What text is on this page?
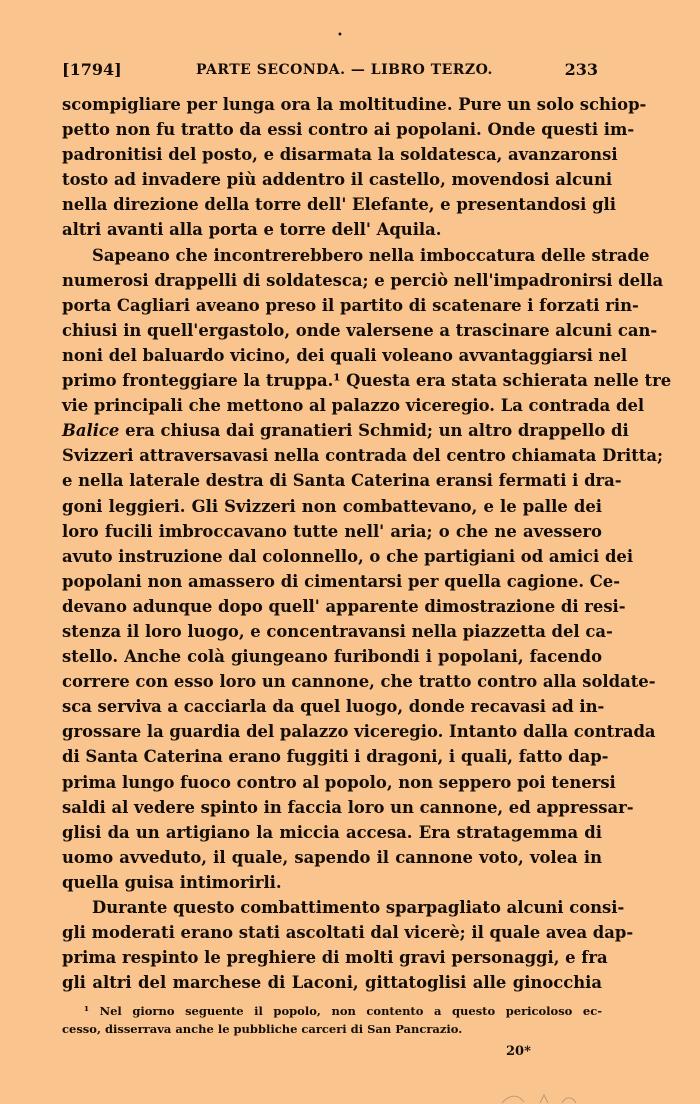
•
[1794]	PARTE SECONDA. — LIBRO TERZO.	233
scompigliare per lunga ora la moltitudine. Pure un solo schiop-
petto non fu tratto da essi contro ai popolani. Onde questi im-
padronitisi del posto, e disarmata la soldatesca, avanzaronsi
tosto ad invadere più addentro il castello, movendosi alcuni
nella direzione della torre dell' Elefante, e presentandosi gli
altri avanti alla porta e torre dell' Aquila.
Sapeano che incontrerebbero nella imboccatura delle strade
numerosi drappelli di soldatesca; e perciò nell'impadronirsi della
porta Cagliari aveano preso il partito di scatenare i forzati rin-
chiusi in quell'ergastolo, onde valersene a trascinare alcuni can-
noni del baluardo vicino, dei quali voleano avvantaggiarsi nel
primo fronteggiare la truppa.¹ Questa era stata schierata nelle tre
vie principali che mettono al palazzo viceregio. La contrada del
Balice era chiusa dai granatieri Schmid; un altro drappello di
Svizzeri attraversavasi nella contrada del centro chiamata Dritta;
e nella laterale destra di Santa Caterina eransi fermati i dra-
goni leggieri. Gli Svizzeri non combattevano, e le palle dei
loro fucili imbroccavano tutte nell' aria; o che ne avessero
avuto instruzione dal colonnello, o che partigiani od amici dei
popolani non amassero di cimentarsi per quella cagione. Ce-
devano adunque dopo quell' apparente dimostrazione di resi-
stenza il loro luogo, e concentravansi nella piazzetta del ca-
stello. Anche colà giungeano furibondi i popolani, facendo
correre con esso loro un cannone, che tratto contro alla soldate-
sca serviva a cacciarla da quel luogo, donde recavasi ad in-
grossare la guardia del palazzo viceregio. Intanto dalla contrada
di Santa Caterina erano fuggiti i dragoni, i quali, fatto dap-
prima lungo fuoco contro al popolo, non seppero poi tenersi
saldi al vedere spinto in faccia loro un cannone, ed appressar-
glisi da un artigiano la miccia accesa. Era stratagemma di
uomo avveduto, il quale, sapendo il cannone voto, volea in
quella guisa intimorirli.
Durante questo combattimento sparpagliato alcuni consi-
gli moderati erano stati ascoltati dal vicerè; il quale avea dap-
prima respinto le preghiere di molti gravi personaggi, e fra
gli altri del marchese di Laconi, gittatoglisi alle ginocchia
¹ Nel giorno seguente il popolo, non contento a questo pericoloso ec-
cesso, disserrava anche le pubbliche carceri di San Pancrazio.
20*
